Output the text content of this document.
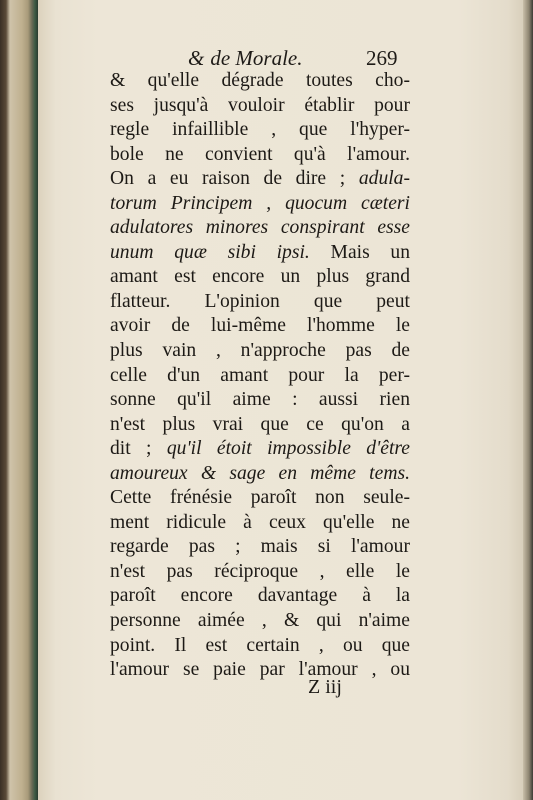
& de Morale.	269
& qu'elle dégrade toutes cho-
ses jusqu'à vouloir établir pour
regle infaillible , que l'hyper-
bole ne convient qu'à l'amour.
On a eu raison de dire ; adula-
torum Principem , quocum cæteri
adulatores minores conspirant esse
unum quæ sibi ipsi. Mais un
amant est encore un plus grand
flatteur. L'opinion que peut
avoir de lui-même l'homme le
plus vain , n'approche pas de
celle d'un amant pour la per-
sonne qu'il aime : aussi rien
n'est plus vrai que ce qu'on a
dit ; qu'il étoit impossible d'être
amoureux & sage en même tems.
Cette frénésie paroît non seule-
ment ridicule à ceux qu'elle ne
regarde pas ; mais si l'amour
n'est pas réciproque , elle le
paroît encore davantage à la
personne aimée , & qui n'aime
point. Il est certain , ou que
l'amour se paie par l'amour , ou
Z iij
